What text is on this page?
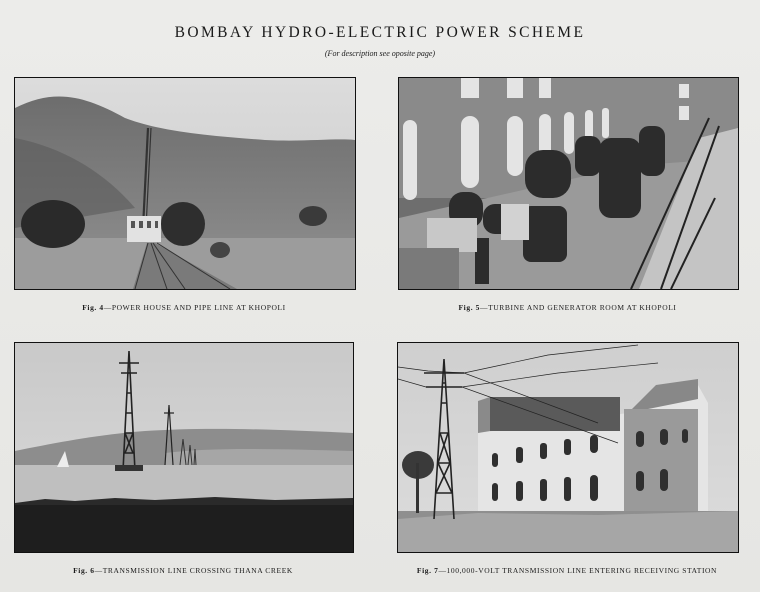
BOMBAY HYDRO-ELECTRIC POWER SCHEME
(For description see oposite page)
Fig. 4—POWER HOUSE AND PIPE LINE AT KHOPOLI	Fig. 5—TURBINE AND GENERATOR ROOM AT KHOPOLI
Fig. 6—TRANSMISSION LINE CROSSING THANA CREEK	Fig. 7—100,000-VOLT TRANSMISSION LINE ENTERING RECEIVING STATION
